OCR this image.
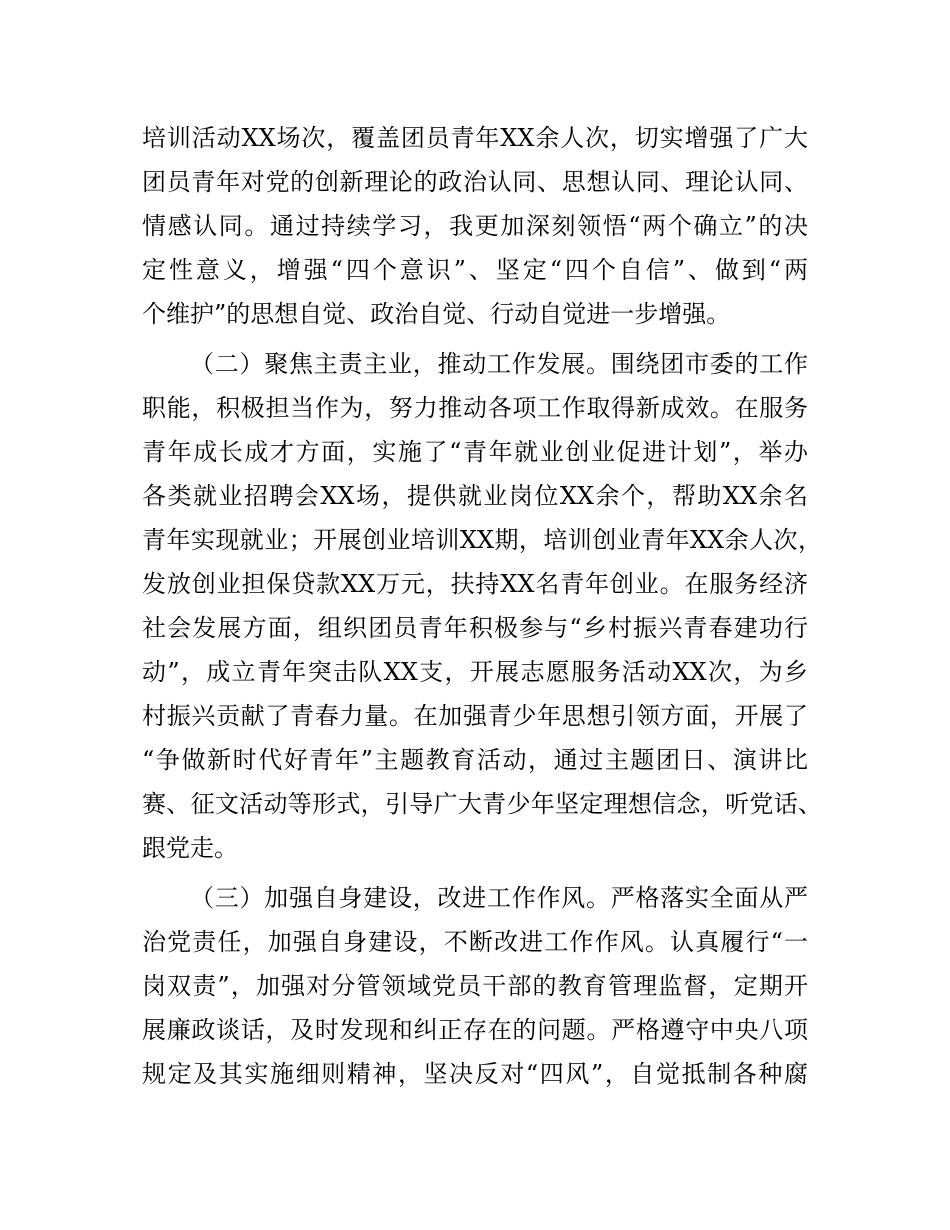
培训活动XX场次，覆盖团员青年XX余人次，切实增强了广大
团员青年对党的创新理论的政治认同、思想认同、理论认同、
情感认同。通过持续学习，我更加深刻领悟“两个确立”的决
定性意义，增强“四个意识”、坚定“四个自信”、做到“两
个维护”的思想自觉、政治自觉、行动自觉进一步增强。
（二）聚焦主责主业，推动工作发展。围绕团市委的工作
职能，积极担当作为，努力推动各项工作取得新成效。在服务
青年成长成才方面，实施了“青年就业创业促进计划”，举办
各类就业招聘会XX场，提供就业岗位XX余个，帮助XX余名
青年实现就业；开展创业培训XX期，培训创业青年XX余人次，
发放创业担保贷款XX万元，扶持XX名青年创业。在服务经济
社会发展方面，组织团员青年积极参与“乡村振兴青春建功行
动”，成立青年突击队XX支，开展志愿服务活动XX次，为乡
村振兴贡献了青春力量。在加强青少年思想引领方面，开展了
“争做新时代好青年”主题教育活动，通过主题团日、演讲比
赛、征文活动等形式，引导广大青少年坚定理想信念，听党话、
跟党走。
（三）加强自身建设，改进工作作风。严格落实全面从严
治党责任，加强自身建设，不断改进工作作风。认真履行“一
岗双责”，加强对分管领域党员干部的教育管理监督，定期开
展廉政谈话，及时发现和纠正存在的问题。严格遵守中央八项
规定及其实施细则精神，坚决反对“四风”，自觉抵制各种腐
